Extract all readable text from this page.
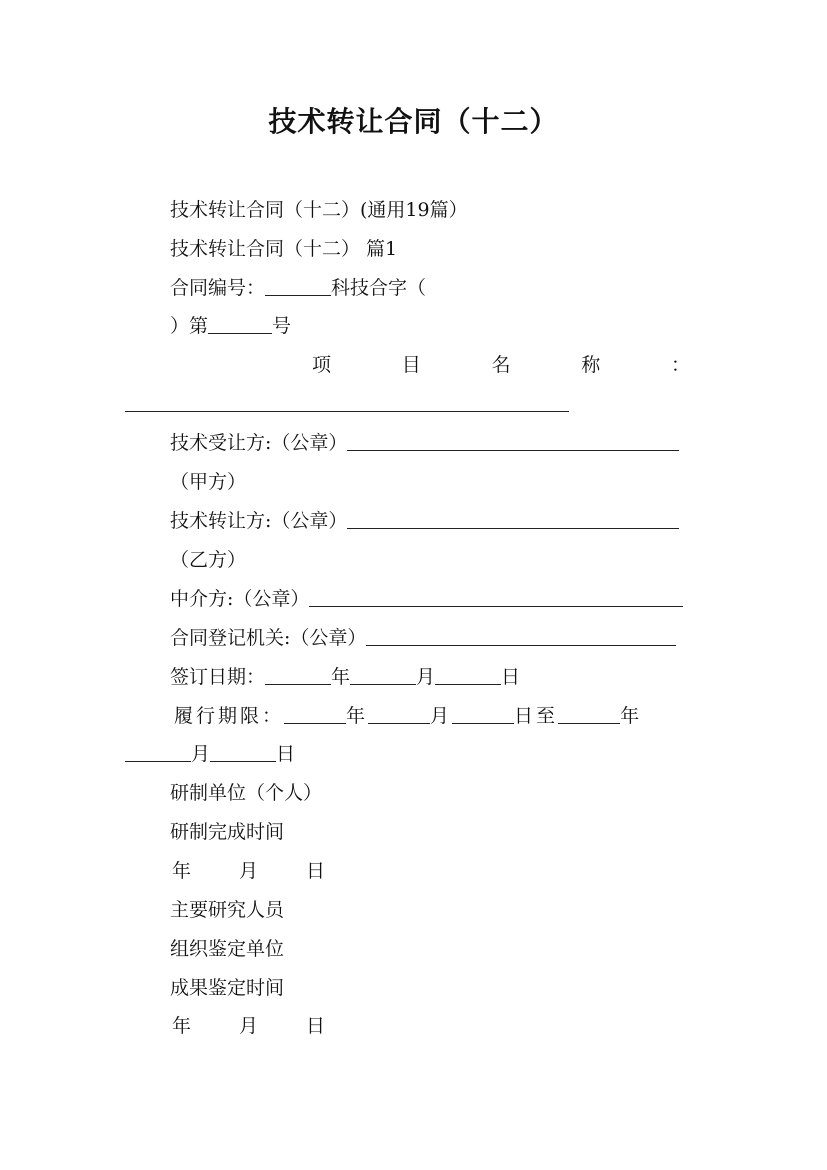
技术转让合同（十二）
技术转让合同（十二）(通用19篇）
技术转让合同（十二） 篇1
合同编号：	科技合字（
）第	号
项	目	名	称	：
技术受让方:（公章）
（甲方）
技术转让方:（公章）
（乙方）
中介方:（公章）
合同登记机关:（公章）
签订日期：	年	月	日
履行期限：	年	月	日至	年
月	日
研制单位（个人）
研制完成时间
年	月	日
主要研究人员
组织鉴定单位
成果鉴定时间
年	月	日
